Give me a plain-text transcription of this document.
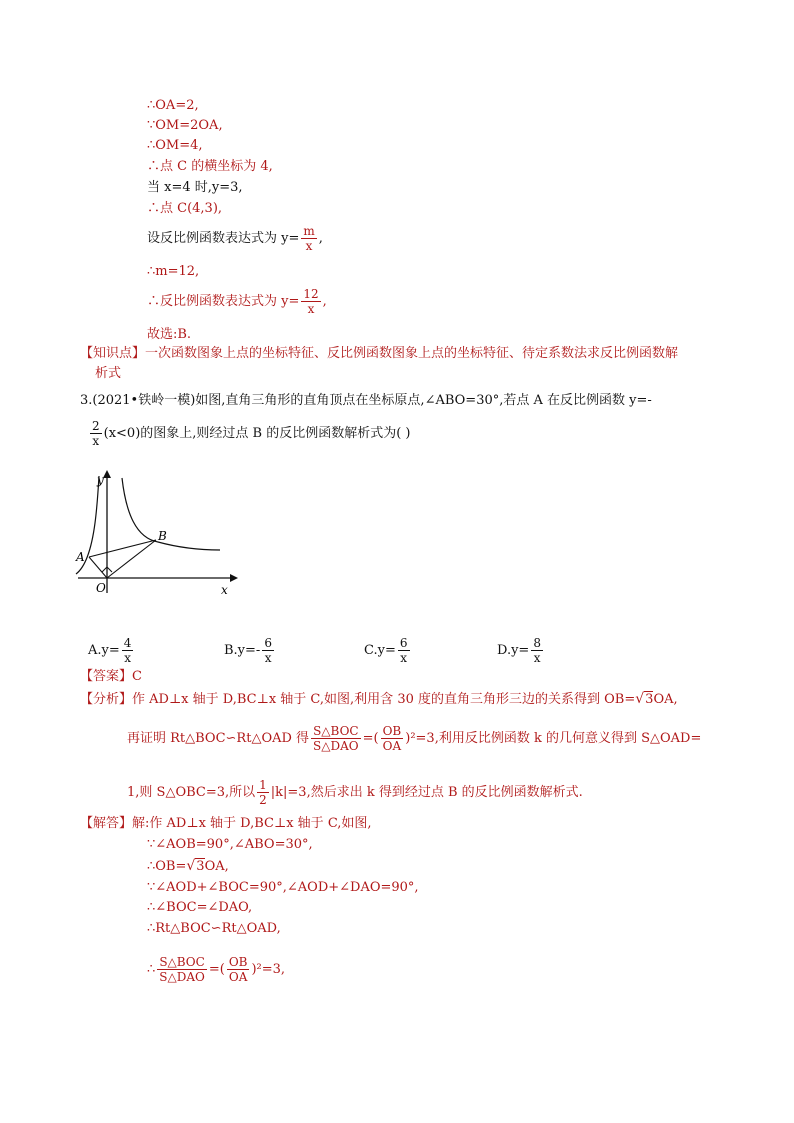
∴OA=2,
∵OM=2OA,
∴OM=4,
∴点 C 的横坐标为 4,
当 x=4 时,y=3,
∴点 C(4,3),
设反比例函数表达式为 $y= \frac{m}{x}$ ,
∴m=12,
∴反比例函数表达式为 $y= \frac{12}{x}$ ,
故选:B.
【知识点】一次函数图象上点的坐标特征、反比例函数图象上点的坐标特征、待定系数法求反比例函数解
析式
3.(2021•铁岭一模)如图,直角三角形的直角顶点在坐标原点,∠ABO=30°,若点 A 在反比例函数 y=-
$\frac{2}{x} (x<0)$的图象上,则经过点 B 的反比例函数解析式为( )
y
x
A
B
O
$A.y= \frac{4}{x}$	$B.y=- \frac{6}{x}$	$C.y= \frac{6}{x}$	$D.y= \frac{8}{x}$
【答案】C
【分析】作 AD⊥x 轴于 D,BC⊥x 轴于 C,如图,利用含 30 度的直角三角形三边的关系得到 OB=√3OA,
再证明 Rt△BOC∽Rt△OAD 得 $\frac{\text{S△BOC}}{\text{S△DAO}}$ =( $\frac{OB}{OA} )^2=3$,利用反比例函数 k 的几何意义得到 S△OAD=
1,则 S△OBC=3,所以 $\frac{1}{2} |k|=3$,然后求出 k 得到经过点 B 的反比例函数解析式.
【解答】解:作 AD⊥x 轴于 D,BC⊥x 轴于 C,如图,
∵∠AOB=90°,∠ABO=30°,
∴OB=√3OA,
∵∠AOD+∠BOC=90°,∠AOD+∠DAO=90°,
∴∠BOC=∠DAO,
∴Rt△BOC∽Rt△OAD,
∴ $\frac{\text{S△BOC}}{\text{S△DAO}}$ =( $\frac{OB}{OA} )^2=3$,
